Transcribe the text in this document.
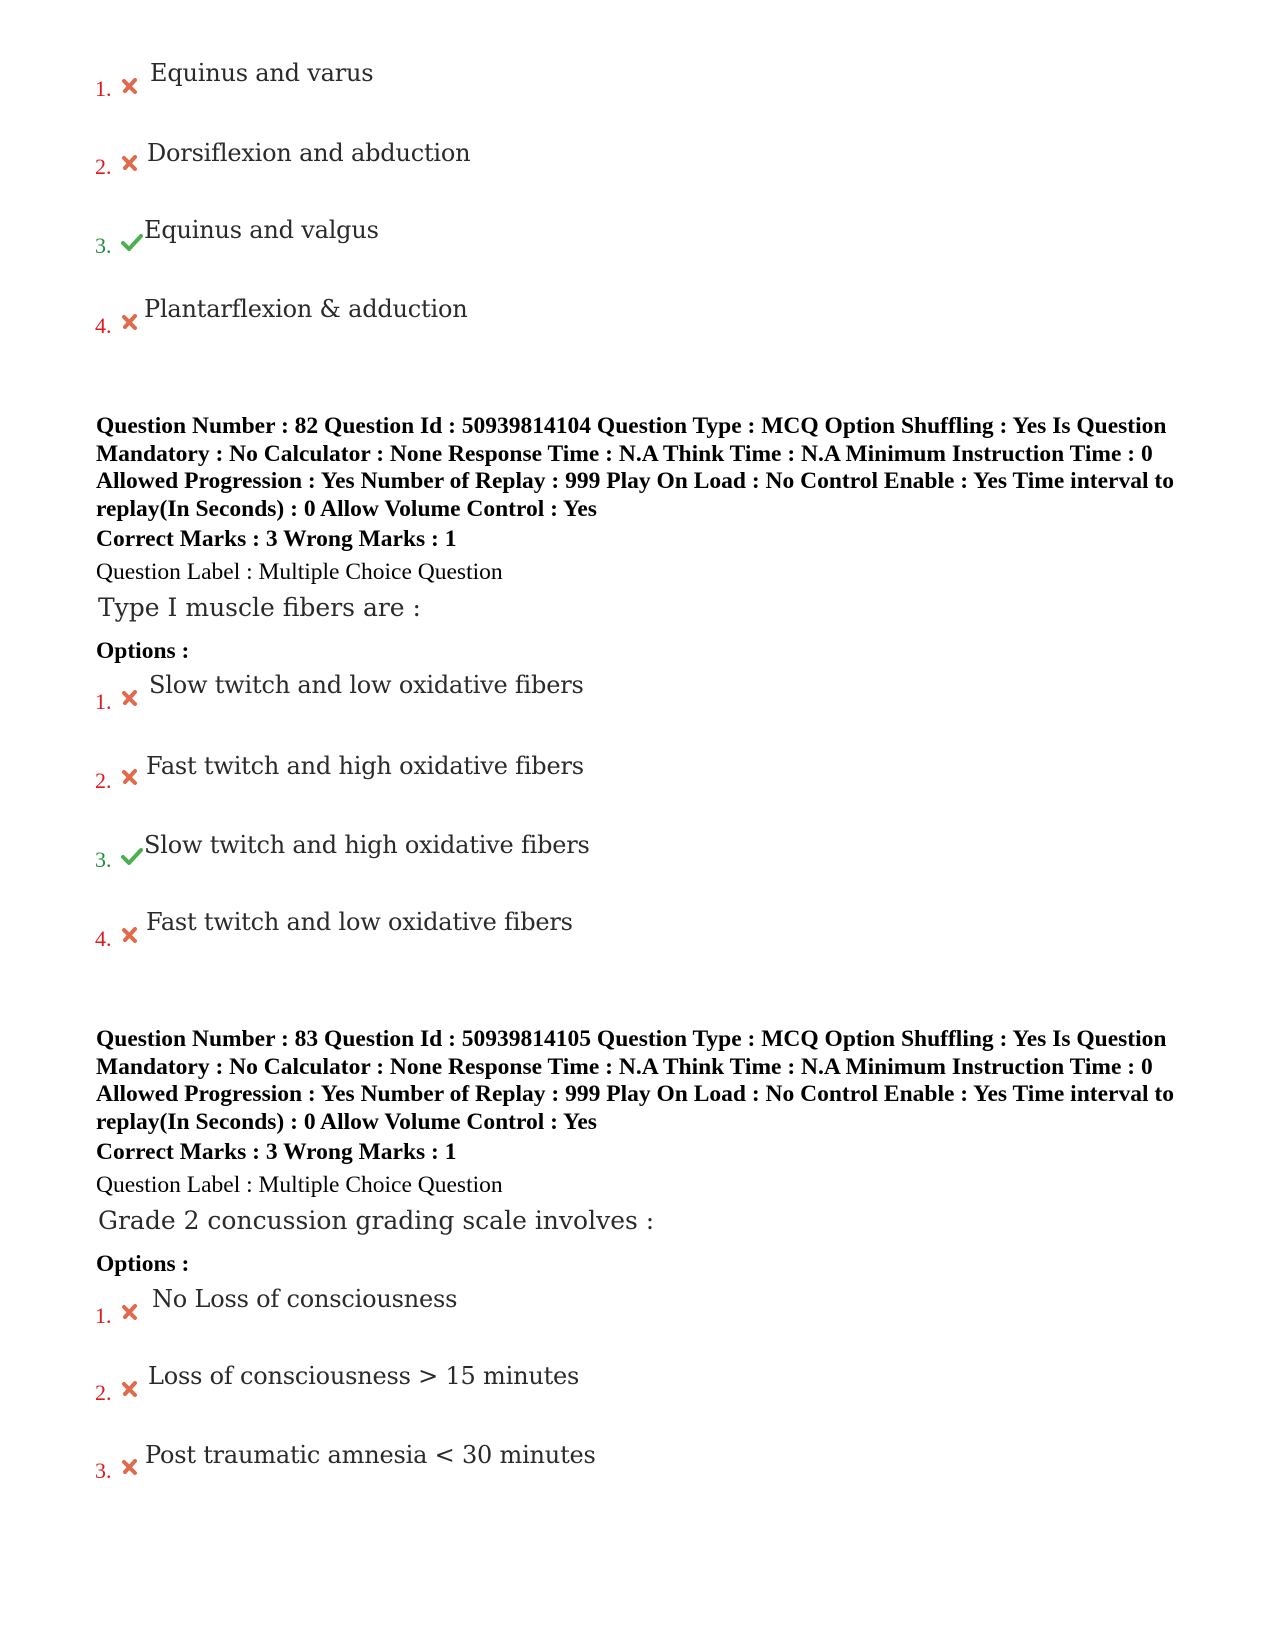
1.
Equinus and varus
2. Dorsiflexion and abduction
3.
Equinus and valgus
4.
Plantarflexion & adduction

Question Number : 82 Question Id : 50939814104 Question Type : MCQ Option Shuffling : Yes Is Question Mandatory : No Calculator : None Response Time : N.A Think Time : N.A Minimum Instruction Time : 0 Allowed Progression : Yes Number of Replay : 999 Play On Load : No Control Enable : Yes Time interval to replay(In Seconds) : 0 Allow Volume Control : Yes

Correct Marks : 3 Wrong Marks : 1
Question Label : Multiple Choice Question
Type I muscle fibers are :
Options :
1.
Slow twitch and low oxidative fibers
2.
Fast twitch and high oxidative fibers
3.
Slow twitch and high oxidative fibers
4.
Fast twitch and low oxidative fibers

Question Number : 83 Question Id : 50939814105 Question Type : MCQ Option Shuffling : Yes Is Question Mandatory : No Calculator : None Response Time : N.A Think Time : N.A Minimum Instruction Time : 0 Allowed Progression : Yes Number of Replay : 999 Play On Load : No Control Enable : Yes Time interval to replay(In Seconds) : 0 Allow Volume Control : Yes

Correct Marks : 3 Wrong Marks : 1
Question Label : Multiple Choice Question
Grade 2 concussion grading scale involves :
Options :
1.
No Loss of consciousness
2.
Loss of consciousness > 15 minutes
3.
Post traumatic amnesia < 30 minutes
